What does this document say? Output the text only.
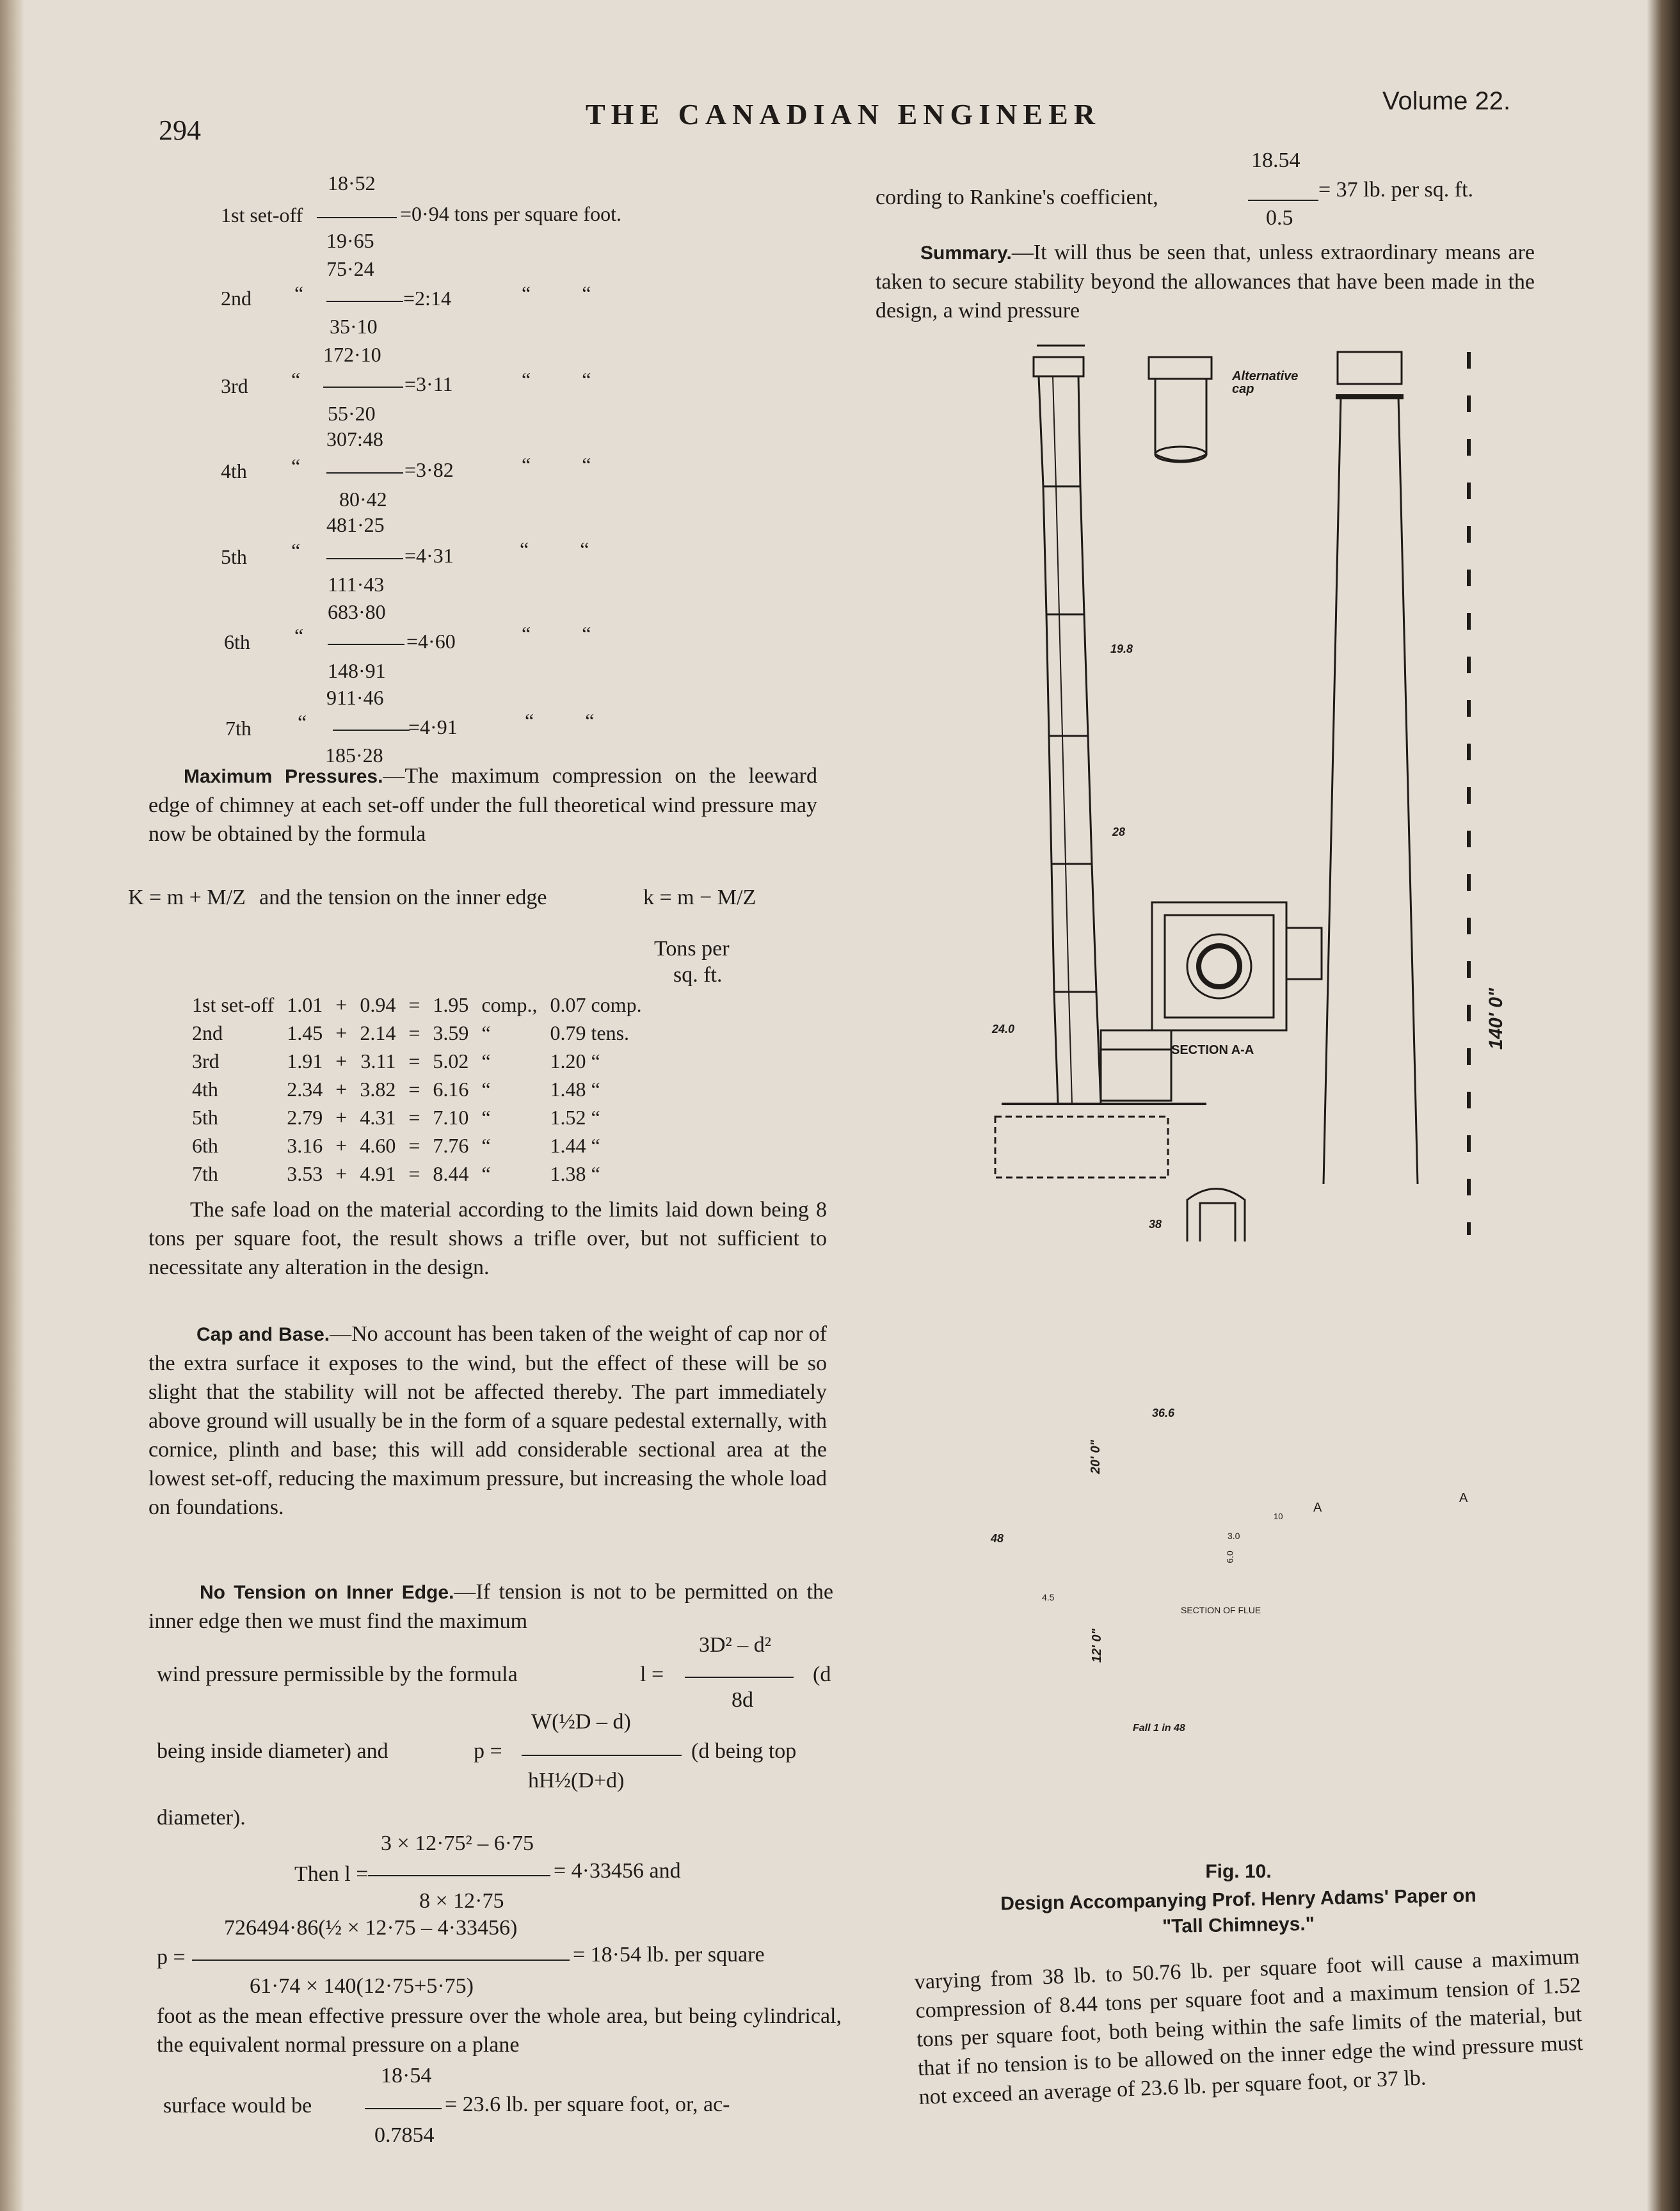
294	THE CANADIAN ENGINEER	Volume 22.
18·52
1st set-off	=0·94 tons per square foot.
19·65
75·24
2nd “	=2:14	“          “
35·10
172·10
3rd “	=3·11	“          “
55·20
307:48
4th “	=3·82	“          “
80·42
481·25
5th “	=4·31	“          “
111·43
683·80
6th “	=4·60	“          “
148·91
911·46
7th “	=4·91	“          “
185·28
Maximum Pressures.—The maximum compression on the leeward edge of chimney at each set-off under the full theoretical wind pressure may now be obtained by the formula
K = m + M/Z and the tension on the inner edge	k = m − M/Z
Tons per
sq. ft.
1st set-off	1.01	+	0.94	=	1.95	comp.,	0.07 comp.
2nd	1.45	+	2.14	=	3.59	“	0.79 tens.
3rd	1.91	+	3.11	=	5.02	“	1.20 “
4th	2.34	+	3.82	=	6.16	“	1.48 “
5th	2.79	+	4.31	=	7.10	“	1.52 “
6th	3.16	+	4.60	=	7.76	“	1.44 “
7th	3.53	+	4.91	=	8.44	“	1.38 “
The safe load on the material according to the limits laid down being 8 tons per square foot, the result shows a trifle over, but not sufficient to necessitate any alteration in the design.
Cap and Base.—No account has been taken of the weight of cap nor of the extra surface it exposes to the wind, but the effect of these will be so slight that the stability will not be affected thereby. The part immediately above ground will usually be in the form of a square pedestal externally, with cornice, plinth and base; this will add considerable sectional area at the lowest set-off, reducing the maximum pressure, but increasing the whole load on foundations.
No Tension on Inner Edge.—If tension is not to be permitted on the inner edge then we must find the maximum
3D² – d²
wind pressure permissible by the formula	l =	(d
8d
W(½D – d)
being inside diameter) and	p =	(d being top
hH½(D+d)
diameter).
3 × 12·75² – 6·75
Then l =	= 4·33456 and
8 × 12·75
726494·86(½ × 12·75 – 4·33456)
p =	= 18·54 lb. per square
61·74 × 140(12·75+5·75)
foot as the mean effective pressure over the whole area, but being cylindrical, the equivalent normal pressure on a plane
18·54
surface would be	= 23.6 lb. per square foot, or, ac-
0.7854
18.54
cording to Rankine's coefficient,	= 37 lb. per sq. ft.
0.5
Summary.—It will thus be seen that, unless extraordinary means are taken to secure stability beyond the allowances that have been made in the design, a wind pressure
Alternative cap
19.8
28
24.0
SECTION A-A
38
36.6
48
SECTION OF FLUE
Fall 1 in 48
140' 0"
20' 0"
12' 0"
A
A
3.0
6.0
10
4.5
Fig. 10.
Design Accompanying Prof. Henry Adams' Paper on
"Tall Chimneys."
varying from 38 lb. to 50.76 lb. per square foot will cause a maximum compression of 8.44 tons per square foot and a maximum tension of 1.52 tons per square foot, both being within the safe limits of the material, but that if no tension is to be allowed on the inner edge the wind pressure must not exceed an average of 23.6 lb. per square foot, or 37 lb.
